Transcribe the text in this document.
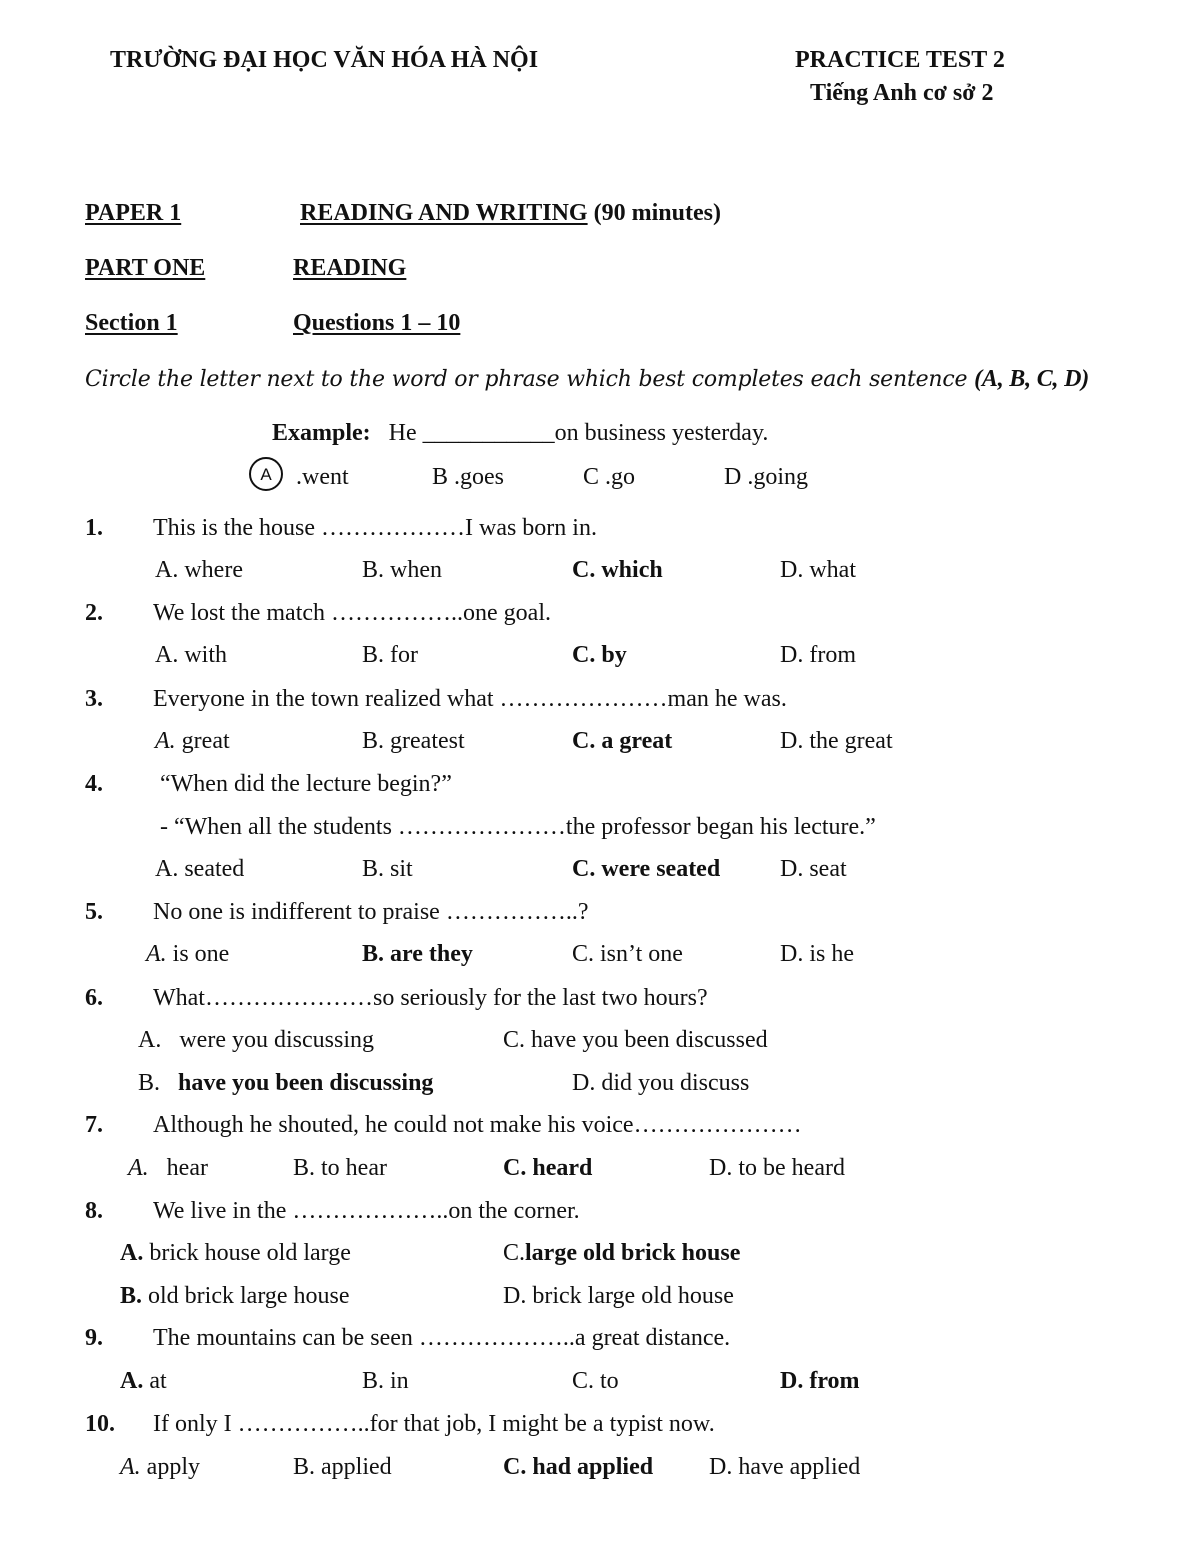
TRƯỜNG ĐẠI HỌC VĂN HÓA HÀ NỘI	PRACTICE TEST 2
Tiếng Anh cơ sở 2
PAPER 1	READING AND WRITING (90 minutes)
PART ONE	READING
Section 1	Questions 1 – 10
Circle the letter next to the word or phrase which best completes each sentence (A, B, C, D)
Example: He ___________on business yesterday.
A	.went	B .goes	C .go	D .going
1. This is the house ………………I was born in.
A. where	B. when	C. which	D. what
2. We lost the match ……………..one goal.
A. with	B. for	C. by	D. from
3. Everyone in the town realized what …………………man he was.
A. great	B. greatest	C. a great	D. the great
4. “When did the lecture begin?”
- “When all the students …………………the professor began his lecture.”
A. seated	B. sit	C. were seated D. seat
5. No one is indifferent to praise ……………..?
A. is one	B. are they	C. isn’t one	D. is he
6. What…………………so seriously for the last two hours?
A. were you discussing	C. have you been discussed
B. have you been discussing	D. did you discuss
7. Although he shouted, he could not make his voice…………………
A. hear	B. to hear	C. heard	D. to be heard
8. We live in the ………………..on the corner.
A. brick house old large	C.large old brick house
B. old brick large house	D. brick large old house
9. The mountains can be seen ………………..a great distance.
A. at	B. in	C. to	D. from
10. If only I ……………..for that job, I might be a typist now.
A. apply	B. applied	C. had applied D. have applied
